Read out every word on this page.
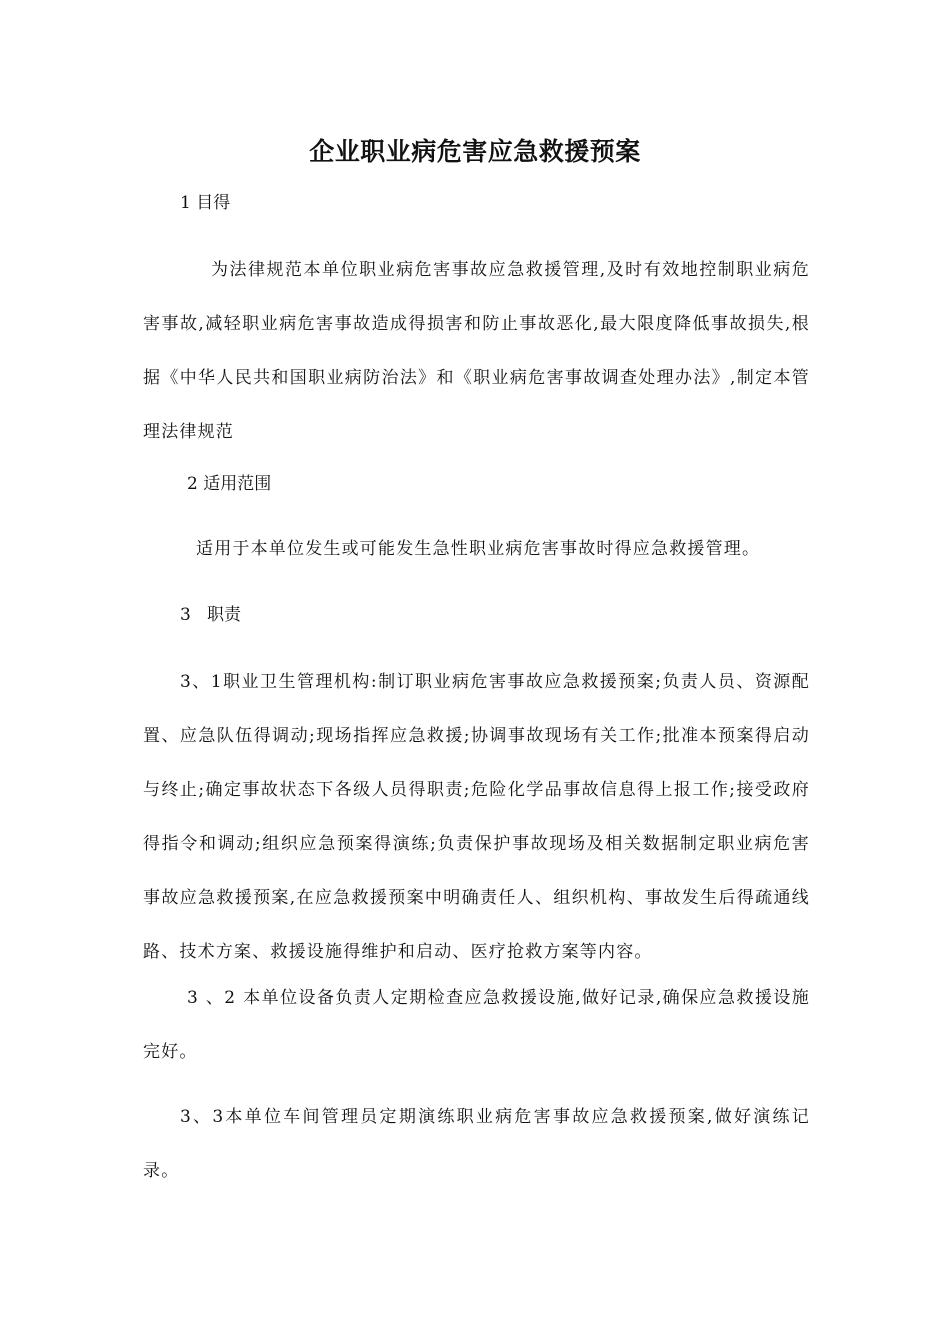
企业职业病危害应急救援预案
1 目得

为法律规范本单位职业病危害事故应急救援管理,及时有效地控制职业病危害事故,减轻职业病危害事故造成得损害和防止事故恶化,最大限度降低事故损失,根据《中华人民共和国职业病防治法》和《职业病危害事故调查处理办法》,制定本管理法律规范

2 适用范围

适用于本单位发生或可能发生急性职业病危害事故时得应急救援管理。

3   职责

3、1职业卫生管理机构:制订职业病危害事故应急救援预案;负责人员、资源配置、应急队伍得调动;现场指挥应急救援;协调事故现场有关工作;批准本预案得启动与终止;确定事故状态下各级人员得职责;危险化学品事故信息得上报工作;接受政府得指令和调动;组织应急预案得演练;负责保护事故现场及相关数据制定职业病危害事故应急救援预案,在应急救援预案中明确责任人、组织机构、事故发生后得疏通线路、技术方案、救援设施得维护和启动、医疗抢救方案等内容。

3 、2 本单位设备负责人定期检查应急救援设施,做好记录,确保应急救援设施完好。

3、3本单位车间管理员定期演练职业病危害事故应急救援预案,做好演练记录。
